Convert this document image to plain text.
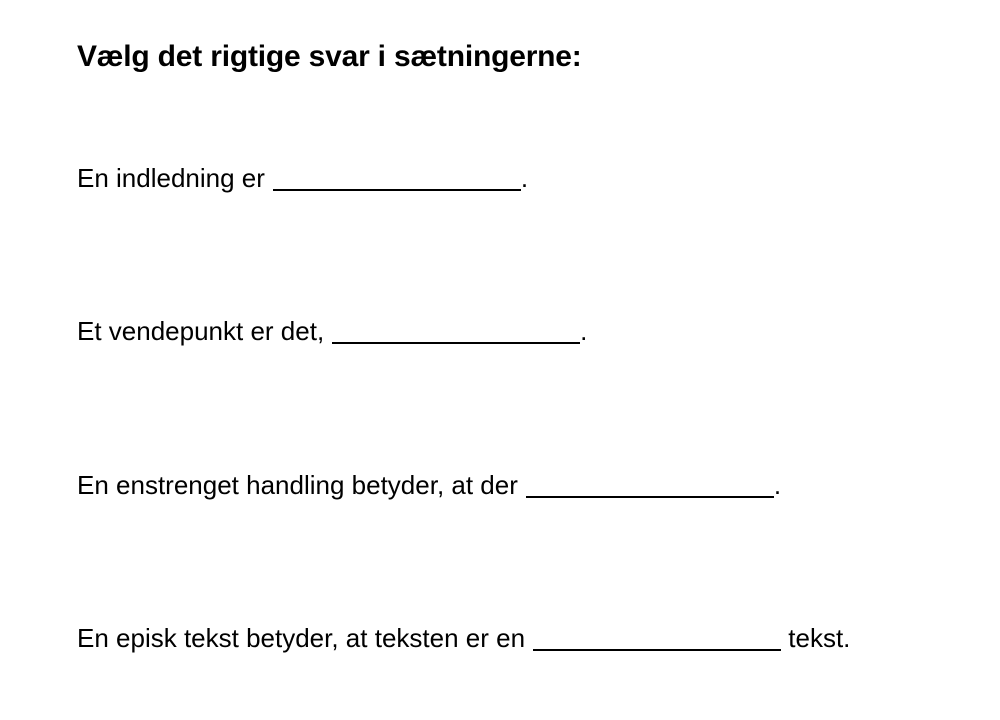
Vælg det rigtige svar i sætningerne:
En indledning er	.
Et vendepunkt er det,	.
En enstrenget handling betyder, at der	.
En episk tekst betyder, at teksten er en	tekst.
